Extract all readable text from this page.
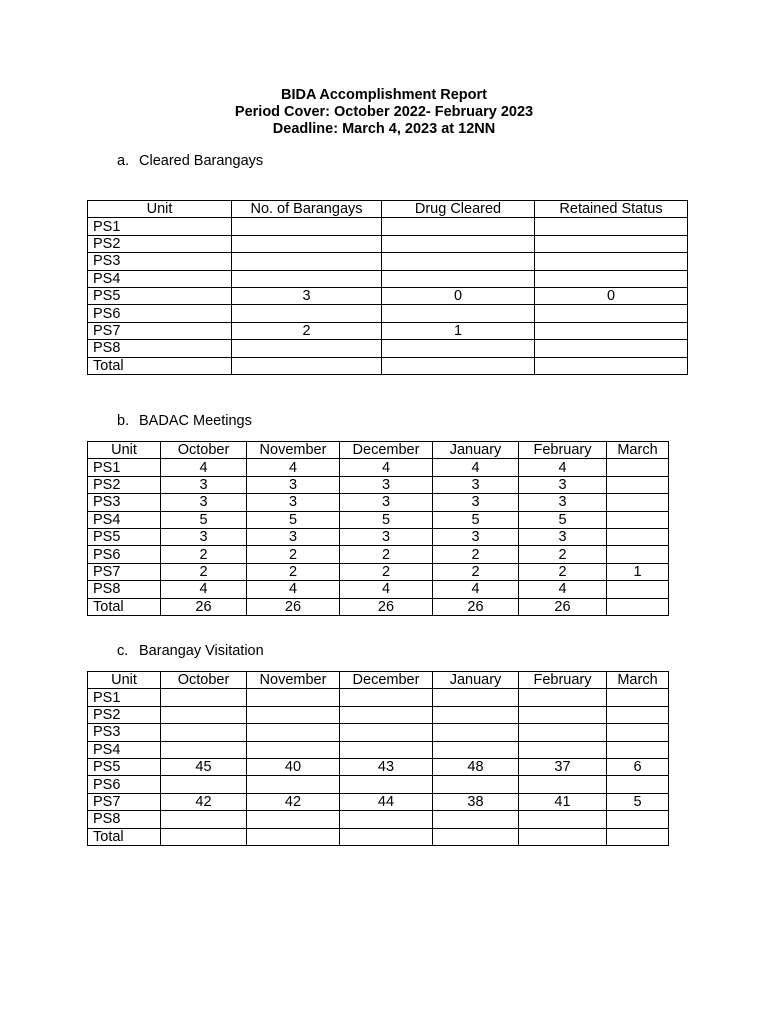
BIDA Accomplishment Report
Period Cover: October 2022- February 2023
Deadline: March 4, 2023 at 12NN
a. Cleared Barangays
Unit	No. of Barangays	Drug Cleared	Retained Status
PS1			
PS2			
PS3			
PS4			
PS5	3	0	0
PS6			
PS7	2	1	
PS8			
Total			
b. BADAC Meetings
Unit	October	November	December	January	February	March
PS1	4	4	4	4	4	
PS2	3	3	3	3	3	
PS3	3	3	3	3	3	
PS4	5	5	5	5	5	
PS5	3	3	3	3	3	
PS6	2	2	2	2	2	
PS7	2	2	2	2	2	1
PS8	4	4	4	4	4	
Total	26	26	26	26	26	
c. Barangay Visitation
Unit	October	November	December	January	February	March
PS1						
PS2						
PS3						
PS4						
PS5	45	40	43	48	37	6
PS6						
PS7	42	42	44	38	41	5
PS8						
Total						
